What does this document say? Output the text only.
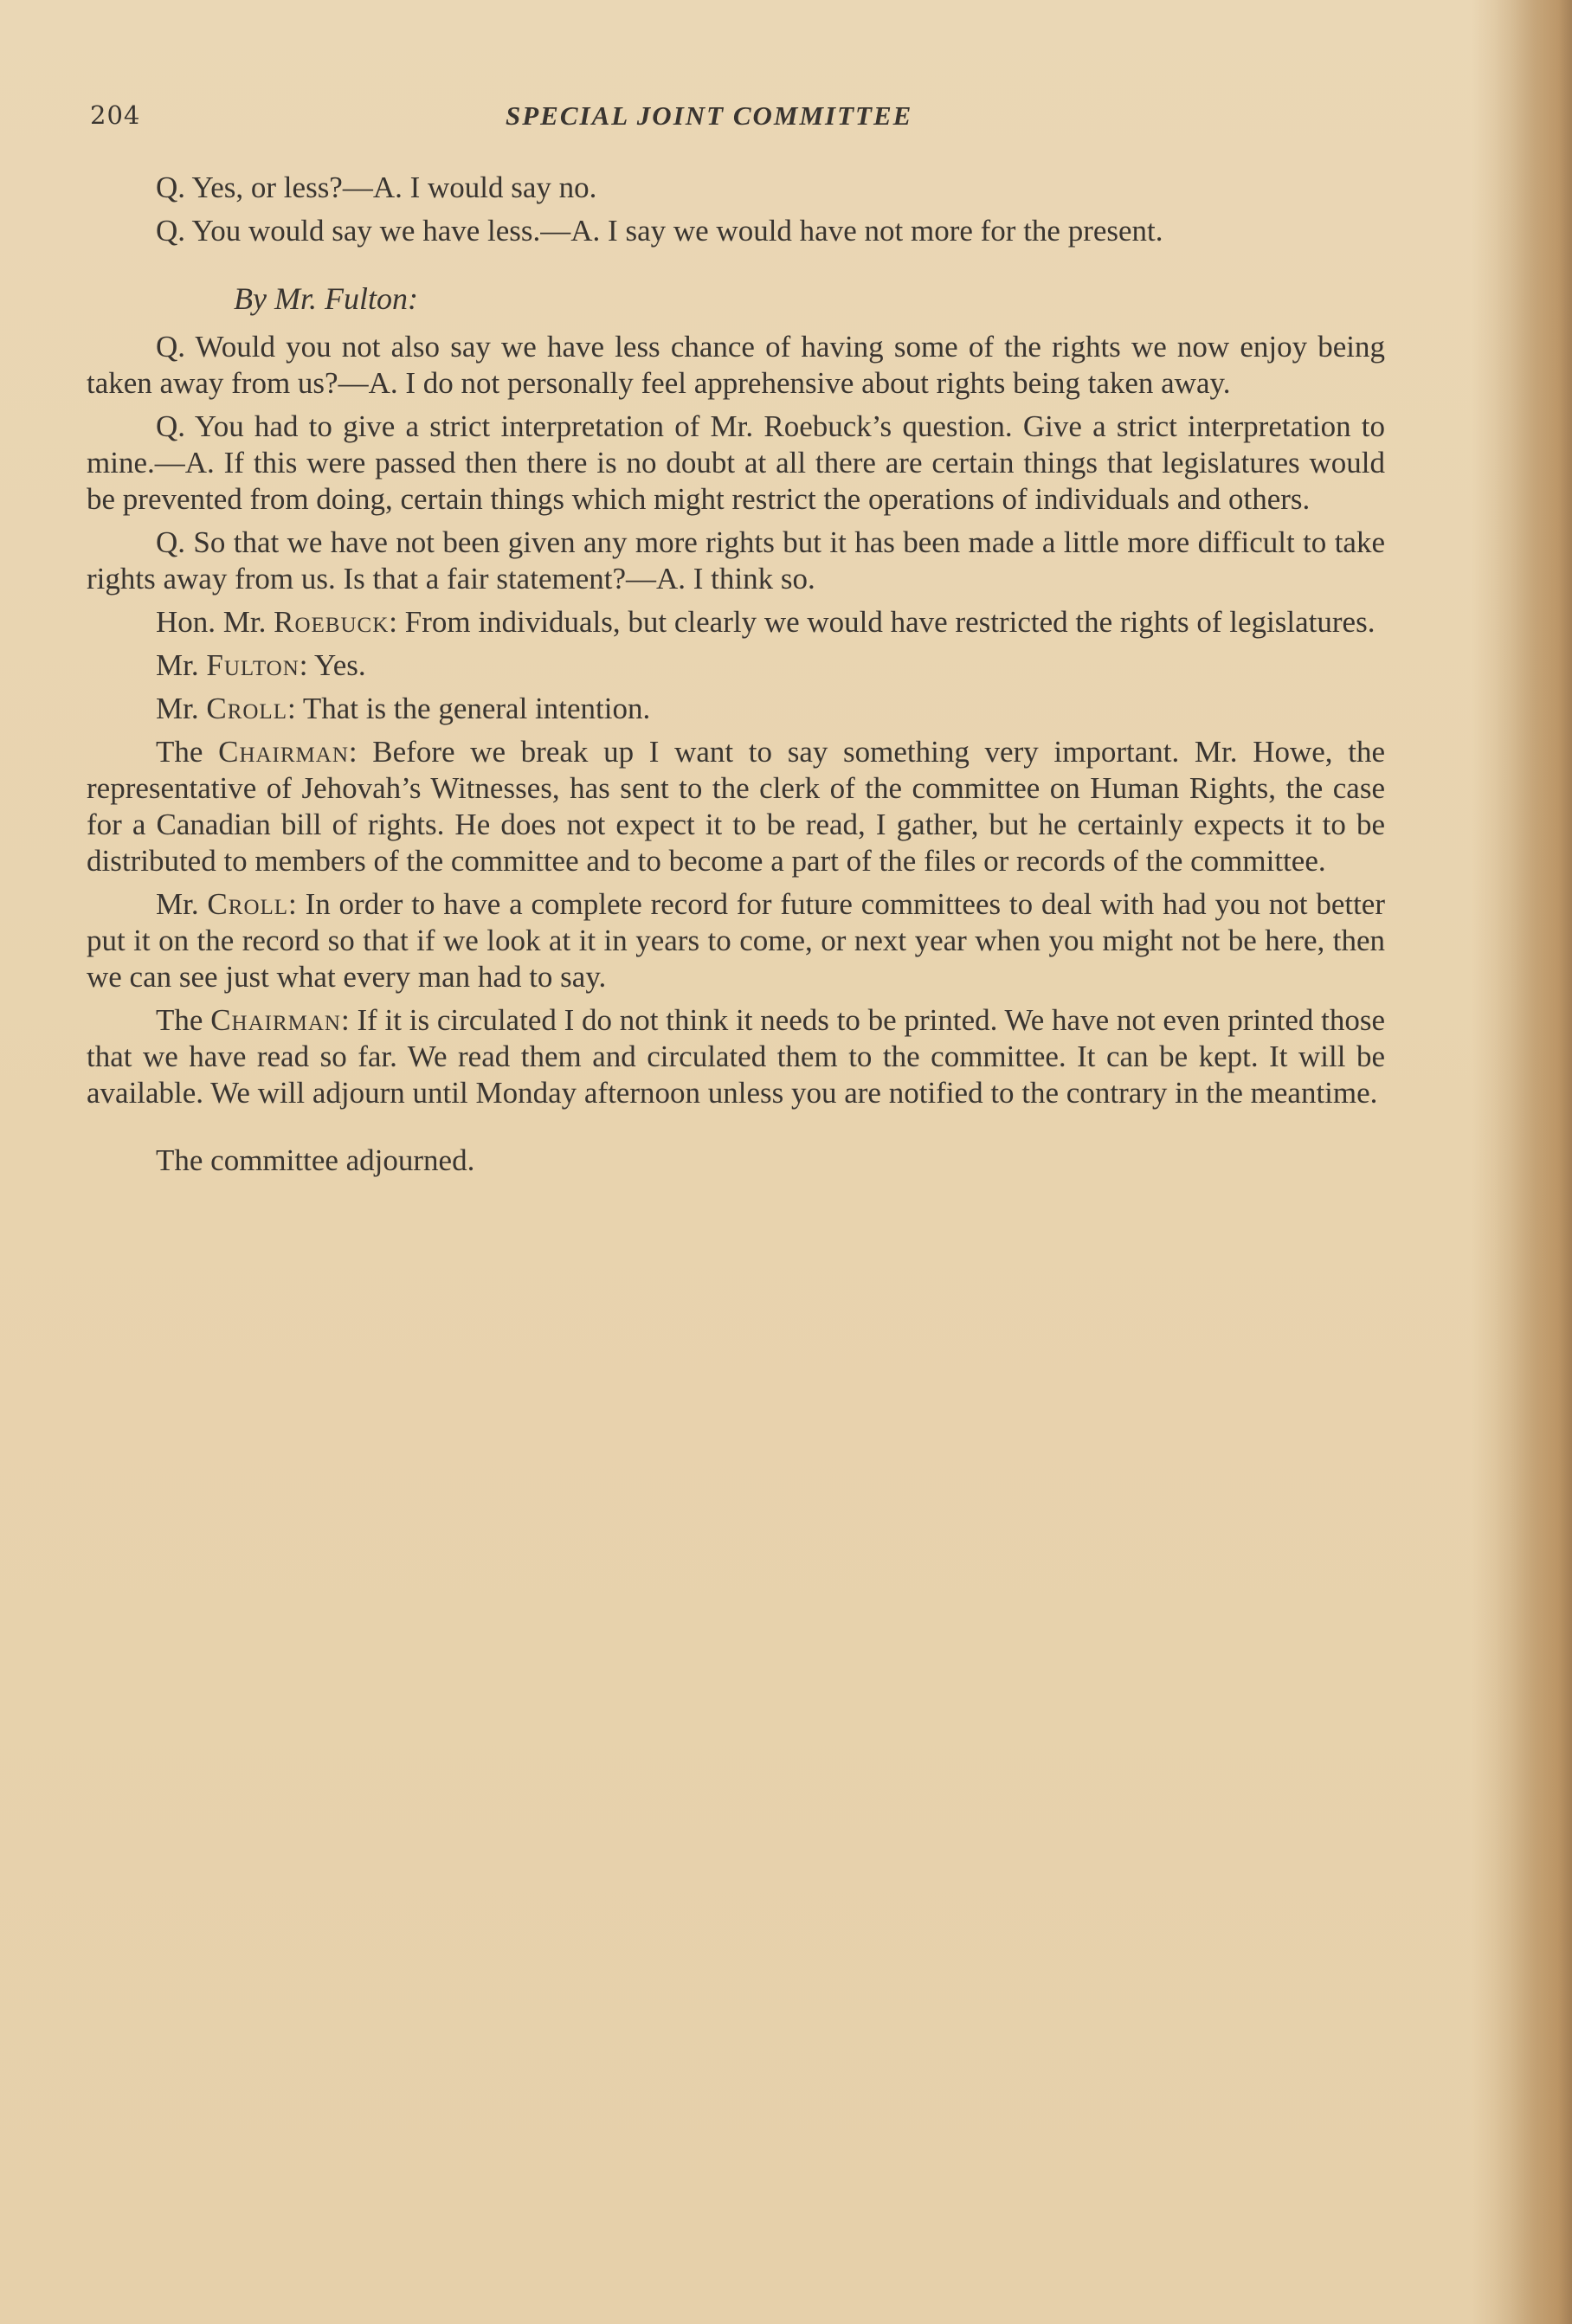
204	SPECIAL JOINT COMMITTEE

Q. Yes, or less?—A. I would say no.

Q. You would say we have less.—A. I say we would have not more for the present.

By Mr. Fulton:

Q. Would you not also say we have less chance of having some of the rights we now enjoy being taken away from us?—A. I do not personally feel apprehensive about rights being taken away.

Q. You had to give a strict interpretation of Mr. Roebuck’s question. Give a strict interpretation to mine.—A. If this were passed then there is no doubt at all there are certain things that legislatures would be prevented from doing, certain things which might restrict the operations of individuals and others.

Q. So that we have not been given any more rights but it has been made a little more difficult to take rights away from us. Is that a fair statement?—A. I think so.

Hon. Mr. Roebuck: From individuals, but clearly we would have restricted the rights of legislatures.

Mr. Fulton: Yes.

Mr. Croll: That is the general intention.

The Chairman: Before we break up I want to say something very important. Mr. Howe, the representative of Jehovah’s Witnesses, has sent to the clerk of the committee on Human Rights, the case for a Canadian bill of rights. He does not expect it to be read, I gather, but he certainly expects it to be distributed to members of the committee and to become a part of the files or records of the committee.

Mr. Croll: In order to have a complete record for future committees to deal with had you not better put it on the record so that if we look at it in years to come, or next year when you might not be here, then we can see just what every man had to say.

The Chairman: If it is circulated I do not think it needs to be printed. We have not even printed those that we have read so far. We read them and circulated them to the committee. It can be kept. It will be available. We will adjourn until Monday afternoon unless you are notified to the contrary in the meantime.

The committee adjourned.
